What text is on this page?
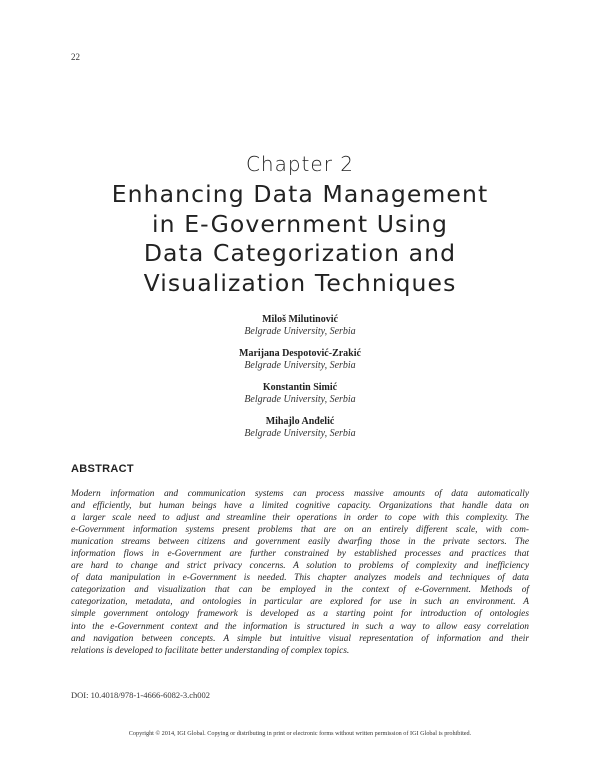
22
Chapter 2
Enhancing Data Management
in E-Government Using
Data Categorization and
Visualization Techniques
Miloš Milutinović
Belgrade University, Serbia
Marijana Despotović-Zrakić
Belgrade University, Serbia
Konstantin Simić
Belgrade University, Serbia
Mihajlo Anđelić
Belgrade University, Serbia
ABSTRACT
Modern information and communication systems can process massive amounts of data automatically
and efficiently, but human beings have a limited cognitive capacity. Organizations that handle data on
a larger scale need to adjust and streamline their operations in order to cope with this complexity. The
e-Government information systems present problems that are on an entirely different scale, with com-
munication streams between citizens and government easily dwarfing those in the private sectors. The
information flows in e-Government are further constrained by established processes and practices that
are hard to change and strict privacy concerns. A solution to problems of complexity and inefficiency
of data manipulation in e-Government is needed. This chapter analyzes models and techniques of data
categorization and visualization that can be employed in the context of e-Government. Methods of
categorization, metadata, and ontologies in particular are explored for use in such an environment. A
simple government ontology framework is developed as a starting point for introduction of ontologies
into the e-Government context and the information is structured in such a way to allow easy correlation
and navigation between concepts. A simple but intuitive visual representation of information and their
relations is developed to facilitate better understanding of complex topics.
DOI: 10.4018/978-1-4666-6082-3.ch002
Copyright © 2014, IGI Global. Copying or distributing in print or electronic forms without written permission of IGI Global is prohibited.
